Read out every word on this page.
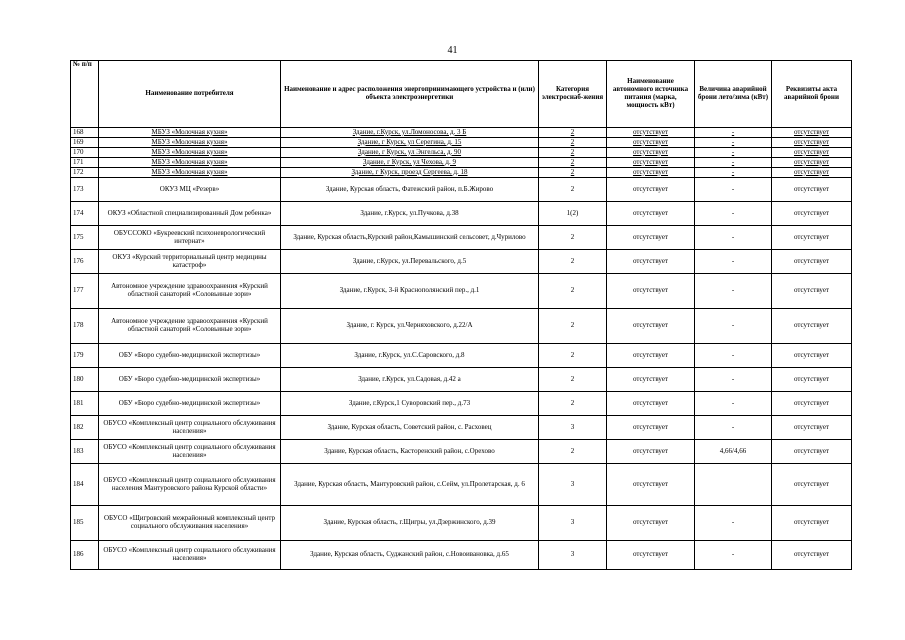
41
№ п/п	Наименование потребителя	Наименование и адрес расположения энергопринимающего устройства и (или) объекта электроэнергетики	Категория электроснаб-жения	Наименование автономного источника питания (марка, мощность кВт)	Величина аварийной брони лето/зима (кВт)	Реквизиты акта аварийной брони
168	МБУЗ «Молочная кухня»	Здание, г.Курск, ул.Ломоносова, д. 3 Б	2	отсутствует	-	отсутствует
169	МБУЗ «Молочная кухня»	Здание, г Курск, ул Серегина, д. 15	2	отсутствует	-	отсутствует
170	МБУЗ «Молочная кухня»	Здание, г Курск, ул Энгельса, д. 90	2	отсутствует	-	отсутствует
171	МБУЗ «Молочная кухня»	Здание, г Курск, ул Чехова, д. 9	2	отсутствует	-	отсутствует
172	МБУЗ «Молочная кухня»	Здание, г Курск, проезд Сергеева, д. 18	2	отсутствует	-	отсутствует
173	ОКУЗ МЦ «Резерв»	Здание, Курская область, Фатежский район, п.Б.Жирово	2	отсутствует	-	отсутствует
174	ОКУЗ «Областной специализированный Дом ребенка»	Здание, г.Курск, ул.Пучкова, д.38	1(2)	отсутствует	-	отсутствует
175	ОБУССОКО «Букреевский психоневрологический интернат»	Здание, Курская область,Курский район,Камышинский сельсовет, д.Чурилово	2	отсутствует	-	отсутствует
176	ОКУЗ «Курский территориальный центр медицины катастроф»	Здание, г.Курск, ул.Перевальского, д.5	2	отсутствует	-	отсутствует
177	Автономное учреждение здравоохранения «Курский областной санаторий «Соловьиные зори»	Здание, г.Курск, 3-й Краснополянский пер., д.1	2	отсутствует	-	отсутствует
178	Автономное учреждение здравоохранения «Курский областной санаторий «Соловьиные зори»	Здание, г. Курск, ул.Черняховского, д.22/А	2	отсутствует	-	отсутствует
179	ОБУ «Бюро судебно-медицинской экспертизы»	Здание, г.Курск, ул.С.Саровского, д.8	2	отсутствует	-	отсутствует
180	ОБУ «Бюро судебно-медицинской экспертизы»	Здание, г.Курск, ул.Садовая, д.42 а	2	отсутствует	-	отсутствует
181	ОБУ «Бюро судебно-медицинской экспертизы»	Здание, г.Курск,1 Суворовский пер., д.73	2	отсутствует	-	отсутствует
182	ОБУСО «Комплексный центр социального обслуживания населения»	Здание, Курская область, Советский район, с. Расховец	3	отсутствует	-	отсутствует
183	ОБУСО «Комплексный центр социального обслуживания населения»	Здание, Курская область, Касторенский район, с.Орехово	2	отсутствует	4,66/4,66	отсутствует
184	ОБУСО «Комплексный центр социального обслуживания населения Мантуровского района Курской области»	Здание, Курская область, Мантуровский район, с.Сейм, ул.Пролетарская, д. 6	3	отсутствует		отсутствует
185	ОБУСО «Щигровский межрайонный комплексный центр социального обслуживания населения»	Здание, Курская область, г.Щигры, ул.Дзержинского, д.39	3	отсутствует	-	отсутствует
186	ОБУСО «Комплексный центр социального обслуживания населения»	Здание, Курская область, Суджанский район, с.Новоивановка, д.65	3	отсутствует	-	отсутствует
